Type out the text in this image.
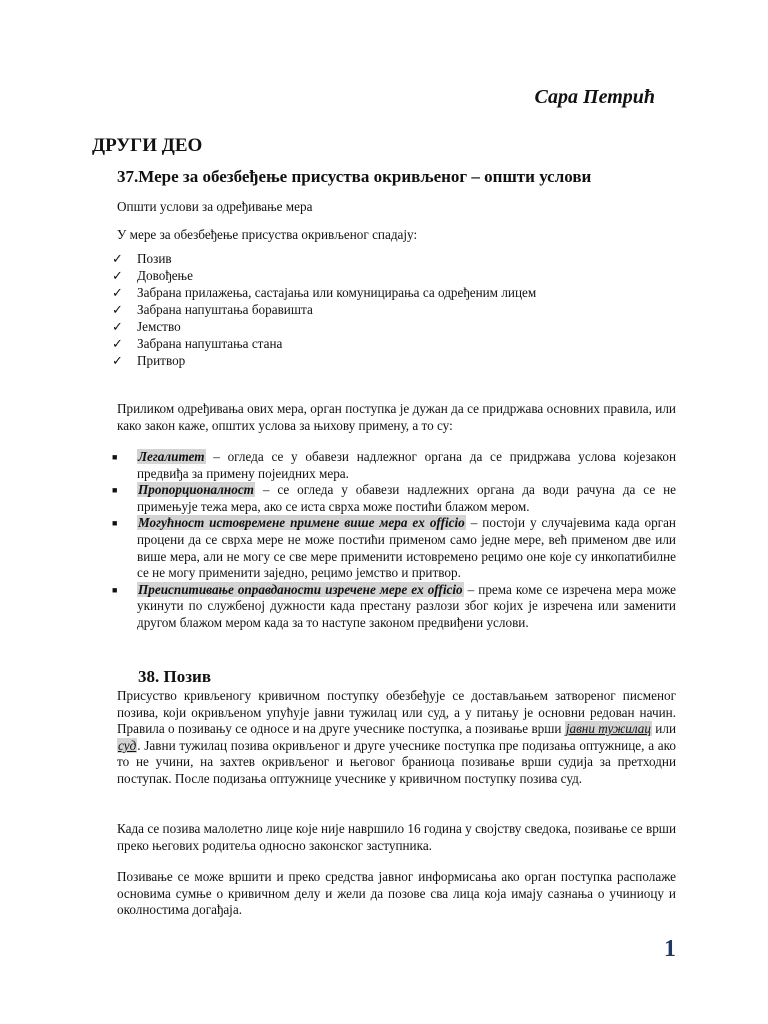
Сара Петрић
ДРУГИ ДЕО
37.Мере за обезбеђење присуства окривљеног – општи услови

Општи услови за одређивање мера

У мере за обезбеђење присуства окривљеног спадају:

✓	Позив
✓	Довођење
✓	Забрана прилажења, састајања или комуницирања са одређеним лицем
✓	Забрана напуштања боравишта
✓	Јемство
✓	Забрана напуштања стана
✓	Притвор

Приликом одређивања ових мера, орган поступка је дужан да се придржава основних правила, или како закон каже, општих услова за њихову примену, а то су:

■	Легалитет – огледа се у обавези надлежног органа да се придржава услова којезакон предвиђа за примену појеидних мера.
■	Пропорционалност – се огледа у обавези надлежних органа да води рачуна да се не примењује тежа мера, ако се иста сврха може постићи блажом мером.
■	Могућност истовремене примене више мера ex officio – постоји у случајевима када орган процени да се сврха мере не може постићи применом само једне мере, већ применом две или више мера, али не могу се све мере применити истовремено рецимо оне које су инкопатибилне се не могу применити заједно, рецимо јемство и притвор.
■	Преиспитивање оправданости изречене мере ex officio – према коме се изречена мера може укинути по службеној дужности када престану разлози због којих је изречена или заменити другом блажом мером када за то наступе законом предвиђени услови.
38. Позив

Присуство кривљеногу кривичном поступку обезбеђује се достављањем затвореног писменог позива, који окривљеном упућује јавни тужилац или суд, а у питању је основни редован начин. Правила о позивању се односе и на друге учеснике поступка, а позивање врши јавни тужилац или суд. Јавни тужилац позива окривљеног и друге учеснике поступка пре подизања оптужнице, а ако то не учини, на захтев окривљеног и његовог браниоца позивање врши судија за претходни поступак. После подизања оптужнице учеснике у кривичном поступку позива суд.

Када се позива малолетно лице које није навршило 16 година у својству сведока, позивање се врши преко његових родитеља односно законског заступника.

Позивање се може вршити и преко средства јавног информисања ако орган поступка располаже основима сумње о кривичном делу и жели да позове сва лица која имају сазнања о учиниоцу и околностима догађаја.

1
